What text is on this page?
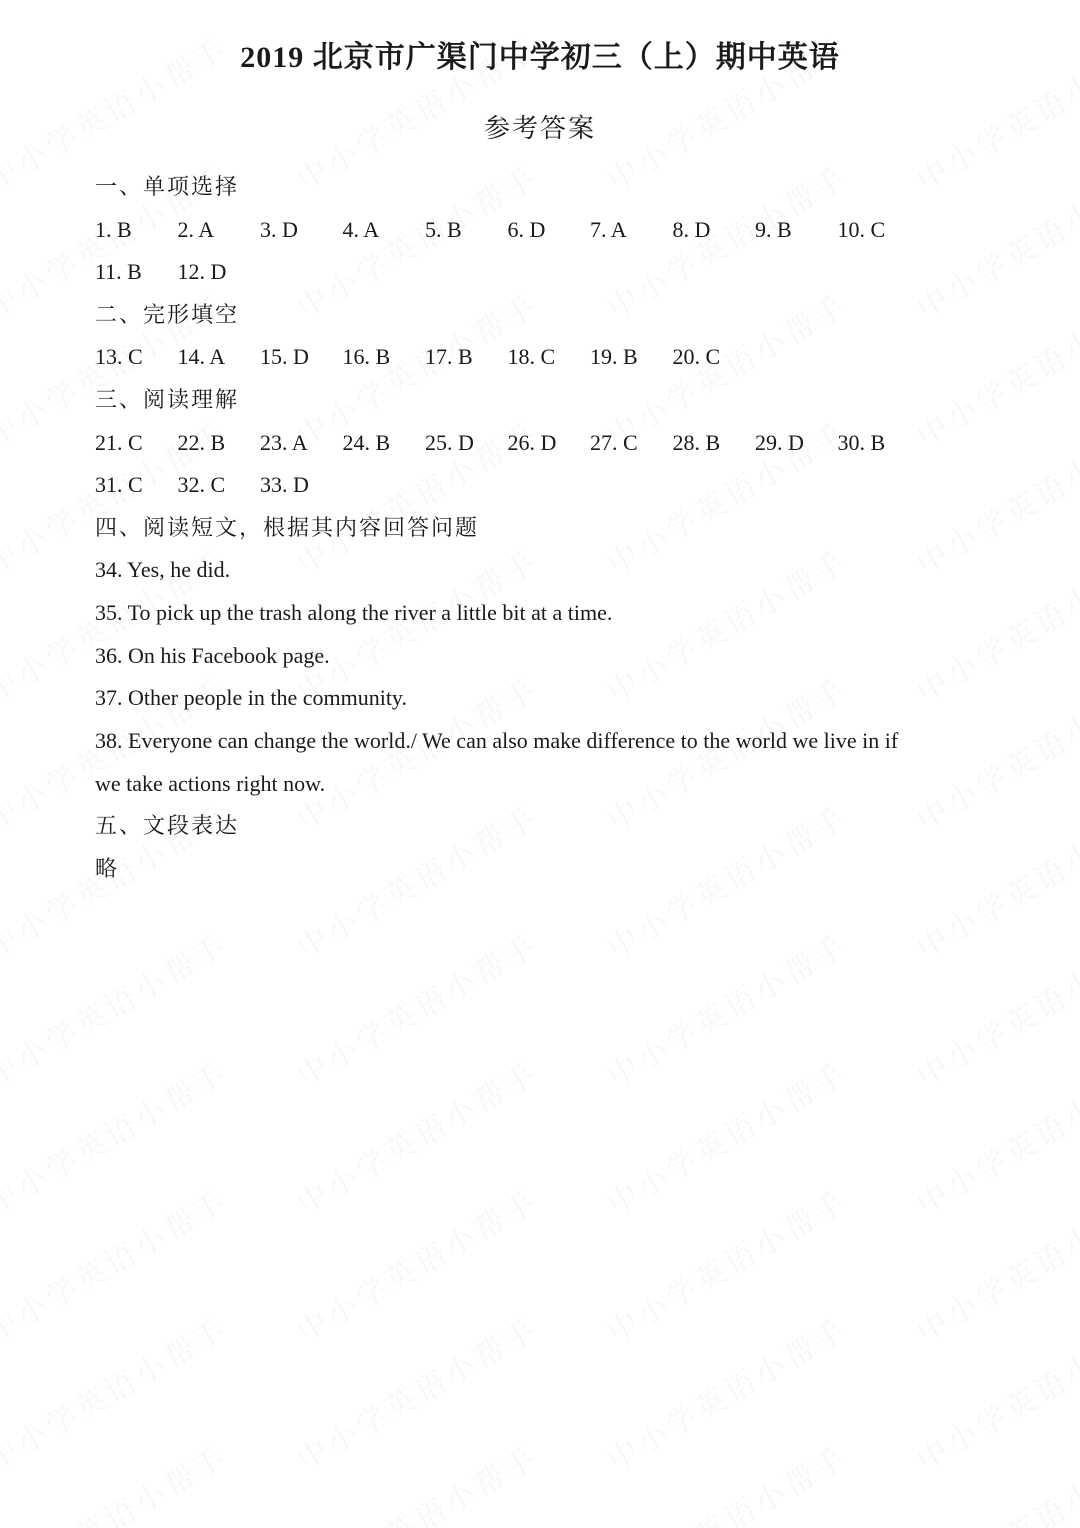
2019 北京市广渠门中学初三（上）期中英语
参考答案
一、单项选择
1. B	2. A	3. D	4. A	5. B	6. D	7. A	8. D	9. B	10. C
11. B	12. D
二、完形填空
13. C	14. A	15. D	16. B	17. B	18. C	19. B	20. C
三、阅读理解
21. C	22. B	23. A	24. B	25. D	26. D	27. C	28. B	29. D	30. B
31. C	32. C	33. D
四、阅读短文，根据其内容回答问题
34. Yes, he did.
35. To pick up the trash along the river a little bit at a time.
36. On his Facebook page.
37. Other people in the community.
38. Everyone can change the world./ We can also make difference to the world we live in if
we take actions right now.
五、文段表达
略
